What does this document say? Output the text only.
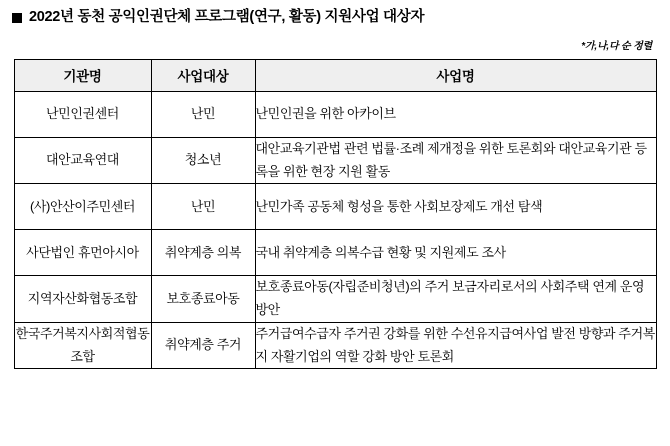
2022년 동천 공익인권단체 프로그램(연구, 활동) 지원사업 대상자
*가,나,다 순 정렬
기관명	사업대상	사업명
난민인권센터	난민	난민인권을 위한 아카이브
대안교육연대	청소년	대안교육기관법 관련 법률·조례 제개정을 위한 토론회와 대안교육기관 등록을 위한 현장 지원 활동
(사)안산이주민센터	난민	난민가족 공동체 형성을 통한 사회보장제도 개선 탐색
사단법인 휴먼아시아	취약계층 의복	국내 취약계층 의복수급 현황 및 지원제도 조사
지역자산화협동조합	보호종료아동	보호종료아동(자립준비청년)의 주거 보금자리로서의 사회주택 연계 운영방안
한국주거복지사회적협동조합	취약계층 주거	주거급여수급자 주거권 강화를 위한 수선유지급여사업 발전 방향과 주거복지 자활기업의 역할 강화 방안 토론회
